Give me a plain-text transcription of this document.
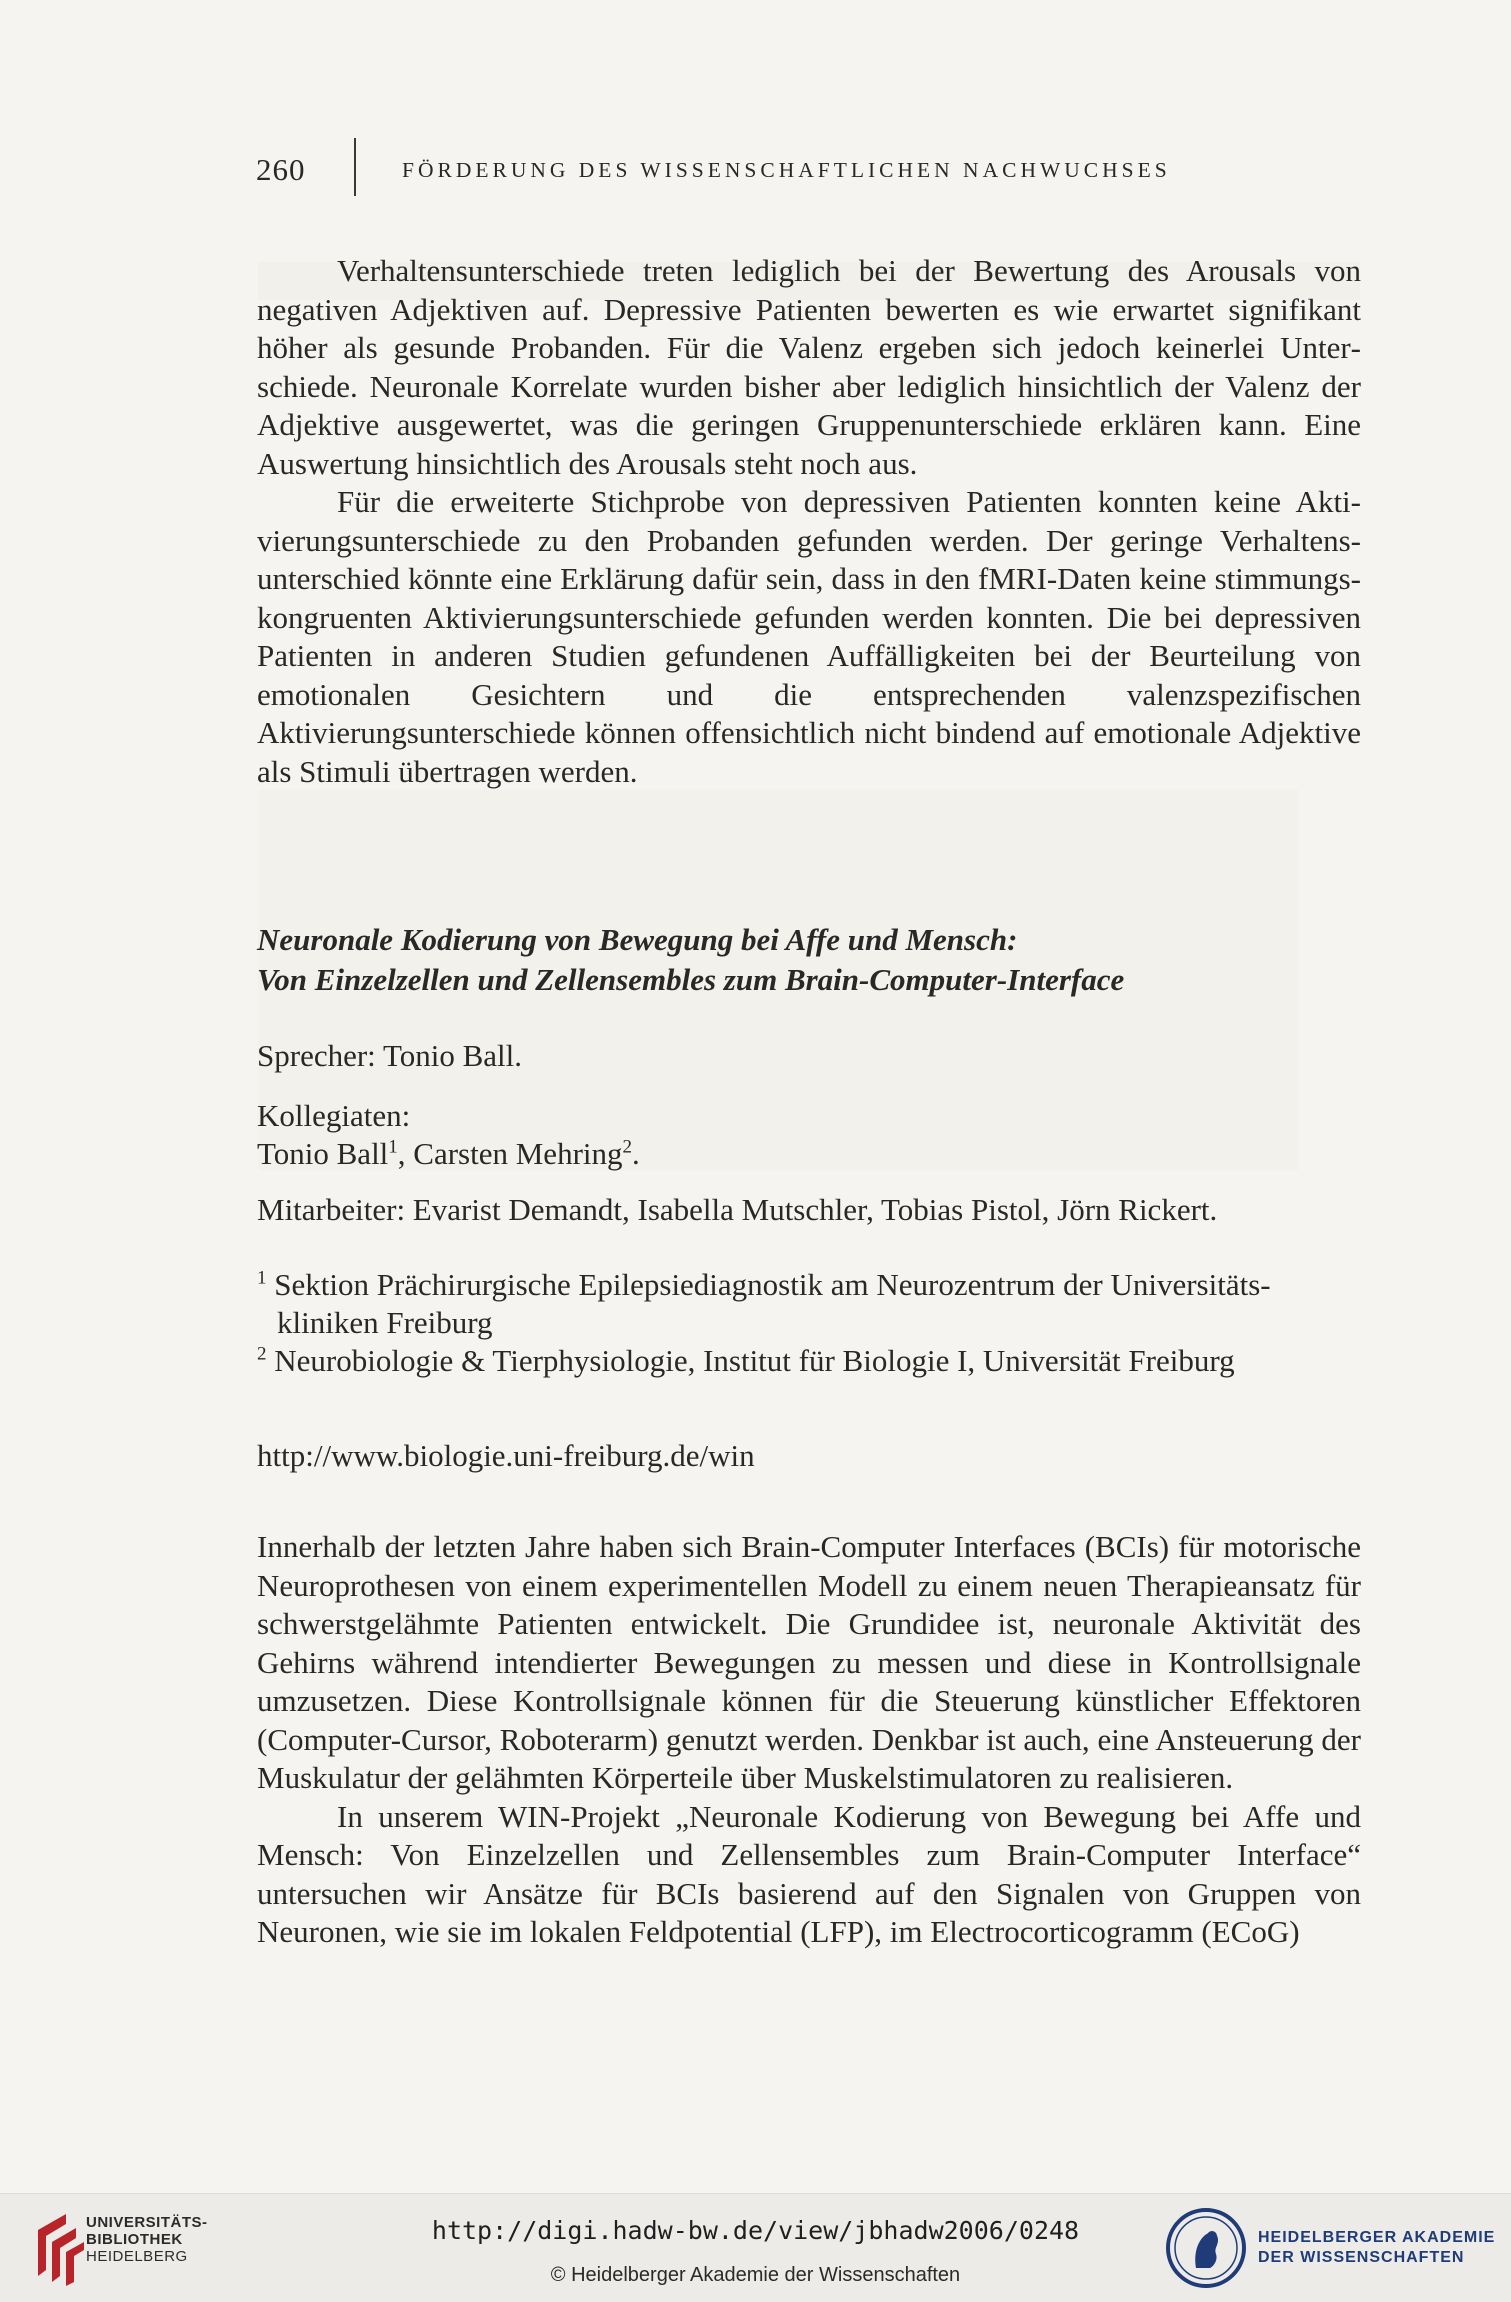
260	FÖRDERUNG DES WISSENSCHAFTLICHEN NACHWUCHSES

Verhaltensunterschiede treten lediglich bei der Bewertung des Arousals von negativen Adjektiven auf. Depressive Patienten bewerten es wie erwartet signifikant höher als gesunde Probanden. Für die Valenz ergeben sich jedoch keinerlei Unterschiede. Neuronale Korrelate wurden bisher aber lediglich hinsichtlich der Valenz der Adjektive ausgewertet, was die geringen Gruppenunterschiede erklären kann. Eine Auswertung hinsichtlich des Arousals steht noch aus.

Für die erweiterte Stichprobe von depressiven Patienten konnten keine Aktivierungsunterschiede zu den Probanden gefunden werden. Der geringe Verhaltensunterschied könnte eine Erklärung dafür sein, dass in den fMRI-Daten keine stimmungs-kongruenten Aktivierungsunterschiede gefunden werden konnten. Die bei depressiven Patienten in anderen Studien gefundenen Auffälligkeiten bei der Beurteilung von emotionalen Gesichtern und die entsprechenden valenzspezifischen Aktivierungsunterschiede können offensichtlich nicht bindend auf emotionale Adjektive als Stimuli übertragen werden.

Neuronale Kodierung von Bewegung bei Affe und Mensch:
Von Einzelzellen und Zellensembles zum Brain-Computer-Interface
Sprecher: Tonio Ball.
Kollegiaten:
Tonio Ball$^1$, Carsten Mehring$^2$.
Mitarbeiter: Evarist Demandt, Isabella Mutschler, Tobias Pistol, Jörn Rickert.
$^1$ Sektion Prächirurgische Epilepsiediagnostik am Neurozentrum der Universitätskliniken Freiburg
$^2$ Neurobiologie & Tierphysiologie, Institut für Biologie I, Universität Freiburg
http://www.biologie.uni-freiburg.de/win

Innerhalb der letzten Jahre haben sich Brain-Computer Interfaces (BCIs) für motorische Neuroprothesen von einem experimentellen Modell zu einem neuen Therapieansatz für schwerstgelähmte Patienten entwickelt. Die Grundidee ist, neuronale Aktivität des Gehirns während intendierter Bewegungen zu messen und diese in Kontrollsignale umzusetzen. Diese Kontrollsignale können für die Steuerung künstlicher Effektoren (Computer-Cursor, Roboterarm) genutzt werden. Denkbar ist auch, eine Ansteuerung der Muskulatur der gelähmten Körperteile über Muskelstimulatoren zu realisieren.

In unserem WIN-Projekt „Neuronale Kodierung von Bewegung bei Affe und Mensch: Von Einzelzellen und Zellensembles zum Brain-Computer Interface“ untersuchen wir Ansätze für BCIs basierend auf den Signalen von Gruppen von Neuronen, wie sie im lokalen Feldpotential (LFP), im Electrocorticogramm (ECoG)

UNIVERSITÄTS-
BIBLIOTHEK
HEIDELBERG
http://digi.hadw-bw.de/view/jbhadw2006/0248
© Heidelberger Akademie der Wissenschaften
HEIDELBERGER AKADEMIE
DER WISSENSCHAFTEN
